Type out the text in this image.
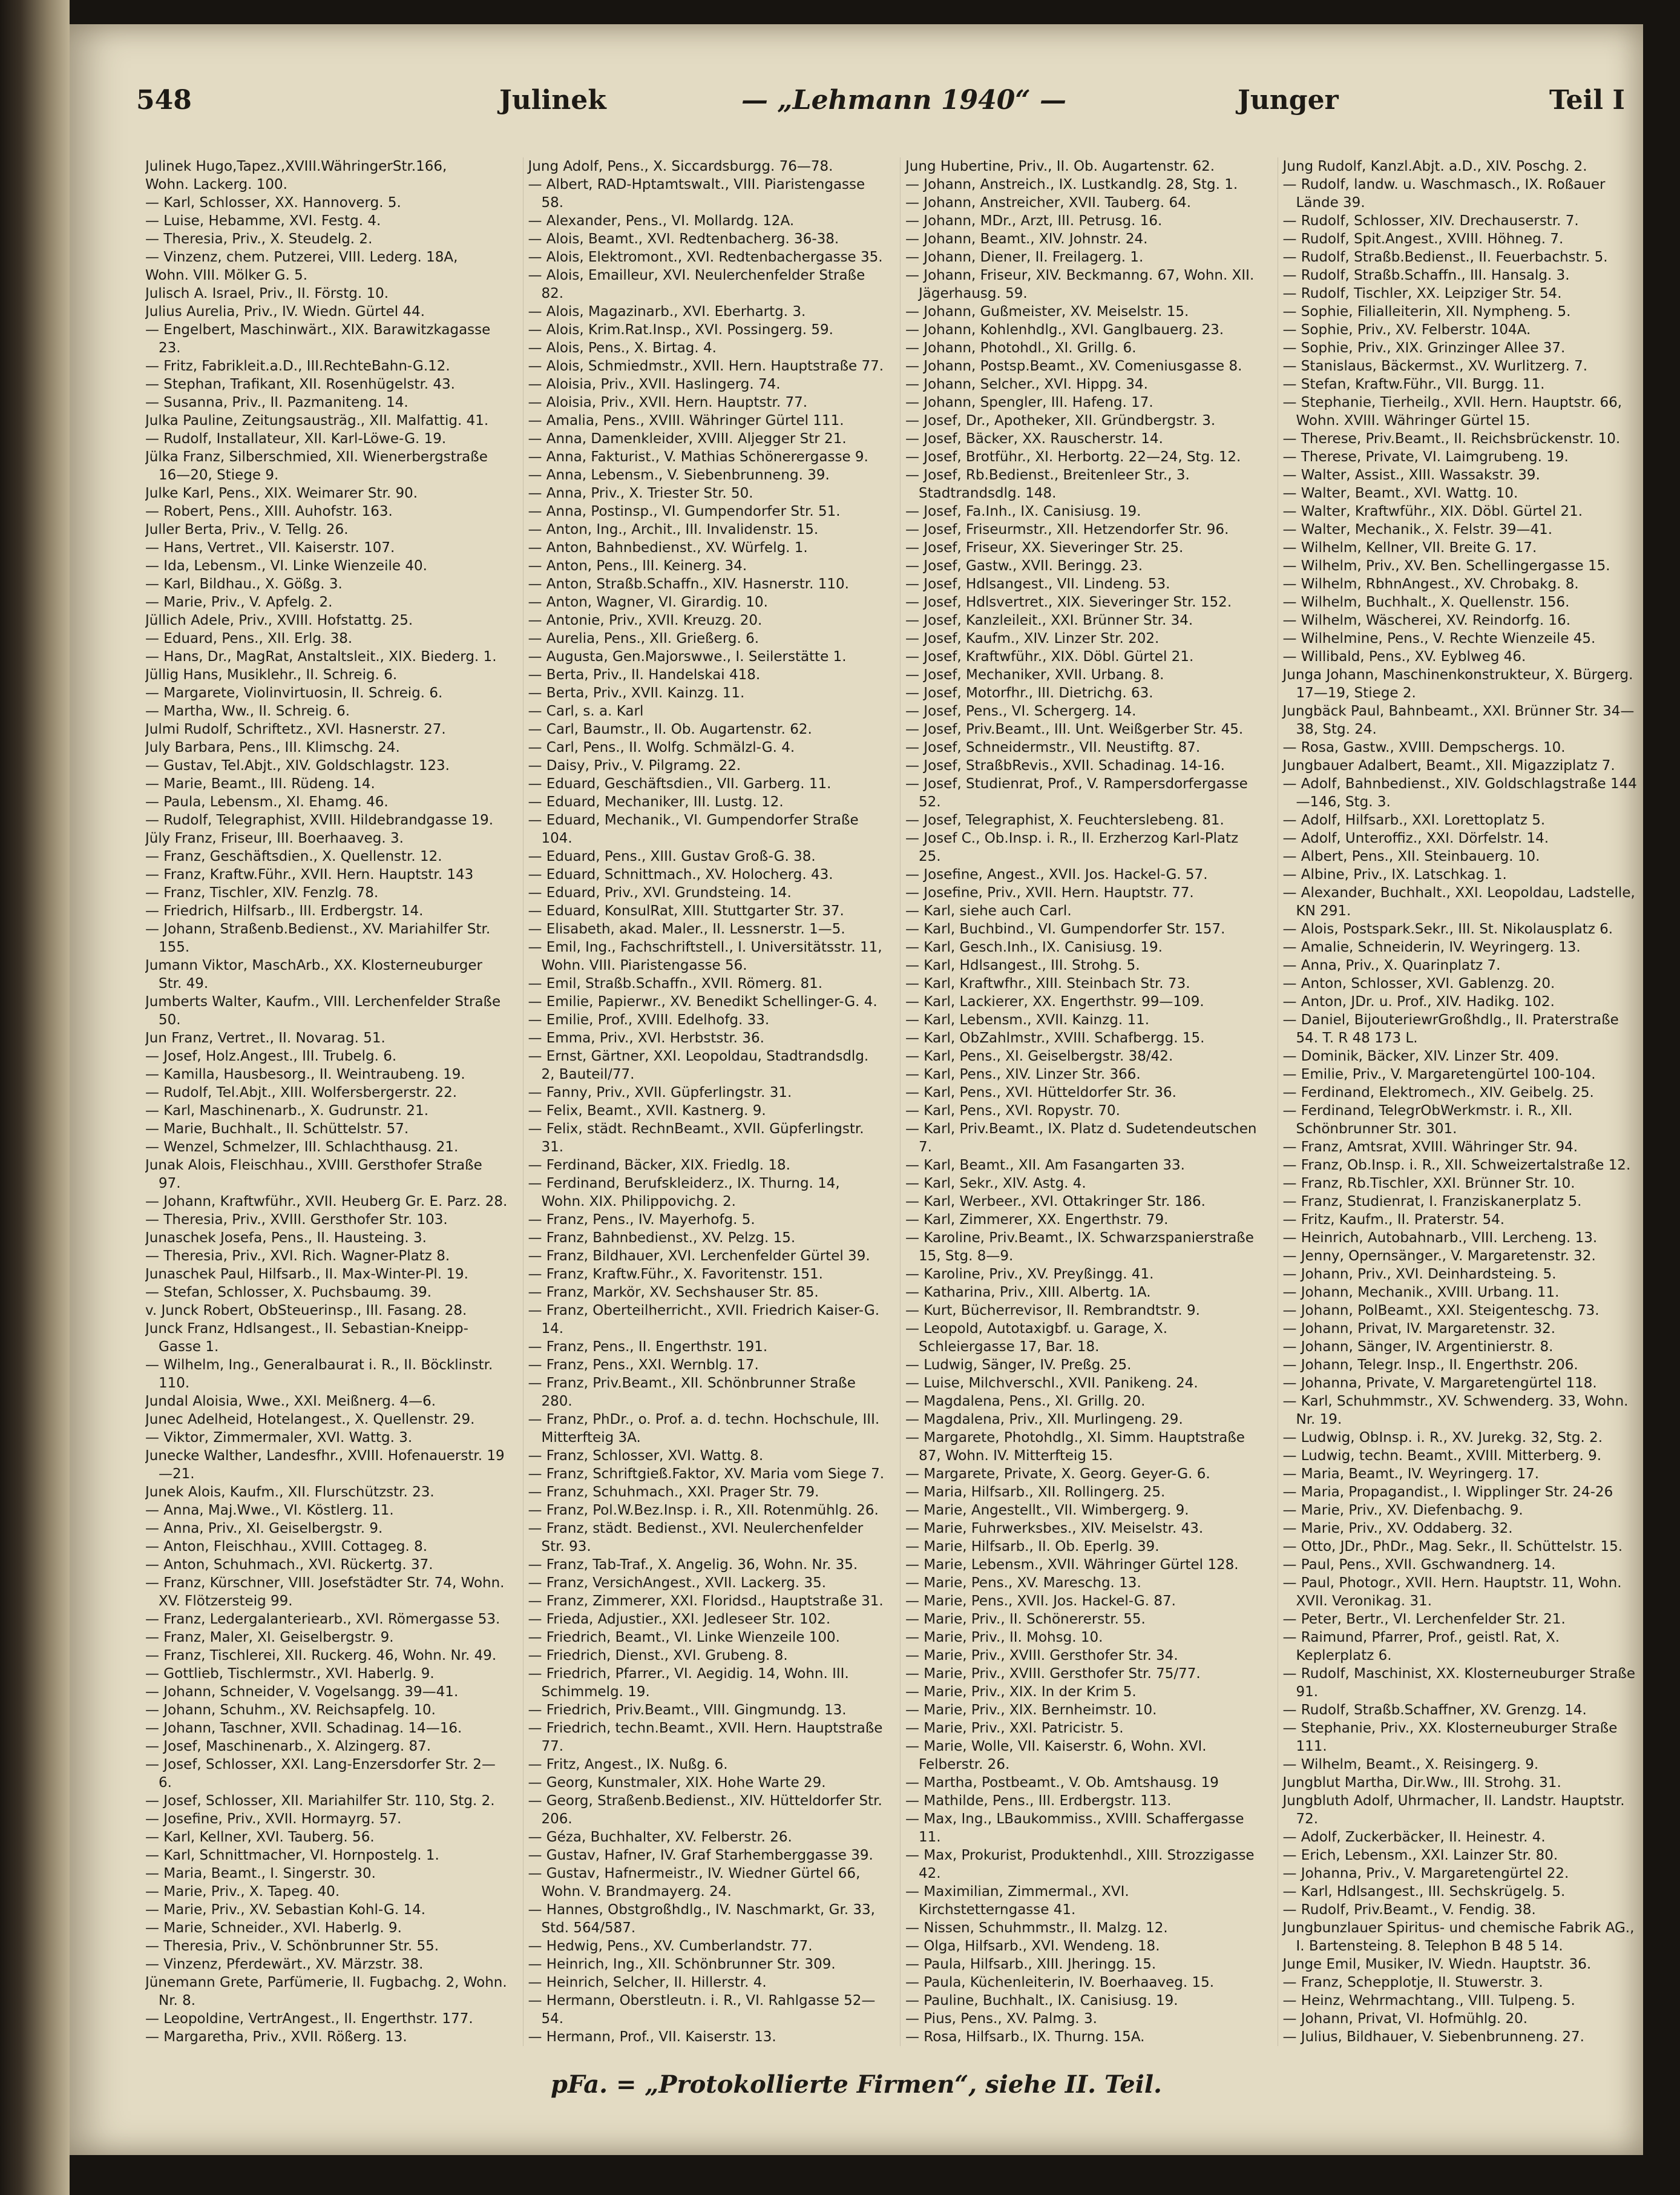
548	Julinek	— „Lehmann 1940“ —	Junger	Teil I
Julinek Hugo,Tapez.,XVIII.WähringerStr.166,
Wohn. Lackerg. 100.
— Karl, Schlosser, XX. Hannoverg. 5.
— Luise, Hebamme, XVI. Festg. 4.
— Theresia, Priv., X. Steudelg. 2.
— Vinzenz, chem. Putzerei, VIII. Lederg. 18A,
Wohn. VIII. Mölker G. 5.
Julisch A. Israel, Priv., II. Förstg. 10.
Julius Aurelia, Priv., IV. Wiedn. Gürtel 44.
— Engelbert, Maschinwärt., XIX. Barawitzkagasse 23.
— Fritz, Fabrikleit.a.D., III.RechteBahn-G.12.
— Stephan, Trafikant, XII. Rosenhügelstr. 43.
— Susanna, Priv., II. Pazmaniteng. 14.
Julka Pauline, Zeitungsausträg., XII. Malfattig. 41.
— Rudolf, Installateur, XII. Karl-Löwe-G. 19.
Jülka Franz, Silberschmied, XII. Wienerbergstraße 16—20, Stiege 9.
Julke Karl, Pens., XIX. Weimarer Str. 90.
— Robert, Pens., XIII. Auhofstr. 163.
Juller Berta, Priv., V. Tellg. 26.
— Hans, Vertret., VII. Kaiserstr. 107.
— Ida, Lebensm., VI. Linke Wienzeile 40.
— Karl, Bildhau., X. Gößg. 3.
— Marie, Priv., V. Apfelg. 2.
Jüllich Adele, Priv., XVIII. Hofstattg. 25.
— Eduard, Pens., XII. Erlg. 38.
— Hans, Dr., MagRat, Anstaltsleit., XIX. Biederg. 1.
Jüllig Hans, Musiklehr., II. Schreig. 6.
— Margarete, Violinvirtuosin, II. Schreig. 6.
— Martha, Ww., II. Schreig. 6.
Julmi Rudolf, Schriftetz., XVI. Hasnerstr. 27.
July Barbara, Pens., III. Klimschg. 24.
— Gustav, Tel.Abjt., XIV. Goldschlagstr. 123.
— Marie, Beamt., III. Rüdeng. 14.
— Paula, Lebensm., XI. Ehamg. 46.
— Rudolf, Telegraphist, XVIII. Hildebrandgasse 19.
Jüly Franz, Friseur, III. Boerhaaveg. 3.
— Franz, Geschäftsdien., X. Quellenstr. 12.
— Franz, Kraftw.Führ., XVII. Hern. Hauptstr. 143
— Franz, Tischler, XIV. Fenzlg. 78.
— Friedrich, Hilfsarb., III. Erdbergstr. 14.
— Johann, Straßenb.Bedienst., XV. Mariahilfer Str. 155.
Jumann Viktor, MaschArb., XX. Klosterneuburger Str. 49.
Jumberts Walter, Kaufm., VIII. Lerchenfelder Straße 50.
Jun Franz, Vertret., II. Novarag. 51.
— Josef, Holz.Angest., III. Trubelg. 6.
— Kamilla, Hausbesorg., II. Weintraubeng. 19.
— Rudolf, Tel.Abjt., XIII. Wolfersbergerstr. 22.
— Karl, Maschinenarb., X. Gudrunstr. 21.
— Marie, Buchhalt., II. Schüttelstr. 57.
— Wenzel, Schmelzer, III. Schlachthausg. 21.
Junak Alois, Fleischhau., XVIII. Gersthofer Straße 97.
— Johann, Kraftwführ., XVII. Heuberg Gr. E. Parz. 28.
— Theresia, Priv., XVIII. Gersthofer Str. 103.
Junaschek Josefa, Pens., II. Hausteing. 3.
— Theresia, Priv., XVI. Rich. Wagner-Platz 8.
Junaschek Paul, Hilfsarb., II. Max-Winter-Pl. 19.
— Stefan, Schlosser, X. Puchsbaumg. 39.
v. Junck Robert, ObSteuerinsp., III. Fasang. 28.
Junck Franz, Hdlsangest., II. Sebastian-Kneipp-Gasse 1.
— Wilhelm, Ing., Generalbaurat i. R., II. Böcklinstr. 110.
Jundal Aloisia, Wwe., XXI. Meißnerg. 4—6.
Junec Adelheid, Hotelangest., X. Quellenstr. 29.
— Viktor, Zimmermaler, XVI. Wattg. 3.
Junecke Walther, Landesfhr., XVIII. Hofenauerstr. 19—21.
Junek Alois, Kaufm., XII. Flurschützstr. 23.
— Anna, Maj.Wwe., VI. Köstlerg. 11.
— Anna, Priv., XI. Geiselbergstr. 9.
— Anton, Fleischhau., XVIII. Cottageg. 8.
— Anton, Schuhmach., XVI. Rückertg. 37.
— Franz, Kürschner, VIII. Josefstädter Str. 74, Wohn. XV. Flötzersteig 99.
— Franz, Ledergalanteriearb., XVI. Römergasse 53.
— Franz, Maler, XI. Geiselbergstr. 9.
— Franz, Tischlerei, XII. Ruckerg. 46, Wohn. Nr. 49.
— Gottlieb, Tischlermstr., XVI. Haberlg. 9.
— Johann, Schneider, V. Vogelsangg. 39—41.
— Johann, Schuhm., XV. Reichsapfelg. 10.
— Johann, Taschner, XVII. Schadinag. 14—16.
— Josef, Maschinenarb., X. Alzingerg. 87.
— Josef, Schlosser, XXI. Lang-Enzersdorfer Str. 2—6.
— Josef, Schlosser, XII. Mariahilfer Str. 110, Stg. 2.
— Josefine, Priv., XVII. Hormayrg. 57.
— Karl, Kellner, XVI. Tauberg. 56.
— Karl, Schnittmacher, VI. Hornpostelg. 1.
— Maria, Beamt., I. Singerstr. 30.
— Marie, Priv., X. Tapeg. 40.
— Marie, Priv., XV. Sebastian Kohl-G. 14.
— Marie, Schneider., XVI. Haberlg. 9.
— Theresia, Priv., V. Schönbrunner Str. 55.
— Vinzenz, Pferdewärt., XV. Märzstr. 38.
Jünemann Grete, Parfümerie, II. Fugbachg. 2, Wohn. Nr. 8.
— Leopoldine, VertrAngest., II. Engerthstr. 177.
— Margaretha, Priv., XVII. Rößerg. 13.
Jung Adolf, Pens., X. Siccardsburgg. 76—78.
— Albert, RAD-Hptamtswalt., VIII. Piaristengasse 58.
— Alexander, Pens., VI. Mollardg. 12A.
— Alois, Beamt., XVI. Redtenbacherg. 36-38.
— Alois, Elektromont., XVI. Redtenbachergasse 35.
— Alois, Emailleur, XVI. Neulerchenfelder Straße 82.
— Alois, Magazinarb., XVI. Eberhartg. 3.
— Alois, Krim.Rat.Insp., XVI. Possingerg. 59.
— Alois, Pens., X. Birtag. 4.
— Alois, Schmiedmstr., XVII. Hern. Hauptstraße 77.
— Aloisia, Priv., XVII. Haslingerg. 74.
— Aloisia, Priv., XVII. Hern. Hauptstr. 77.
— Amalia, Pens., XVIII. Währinger Gürtel 111.
— Anna, Damenkleider, XVIII. Aljegger Str 21.
— Anna, Fakturist., V. Mathias Schönerergasse 9.
— Anna, Lebensm., V. Siebenbrunneng. 39.
— Anna, Priv., X. Triester Str. 50.
— Anna, Postinsp., VI. Gumpendorfer Str. 51.
— Anton, Ing., Archit., III. Invalidenstr. 15.
— Anton, Bahnbedienst., XV. Würfelg. 1.
— Anton, Pens., III. Keinerg. 34.
— Anton, Straßb.Schaffn., XIV. Hasnerstr. 110.
— Anton, Wagner, VI. Girardig. 10.
— Antonie, Priv., XVII. Kreuzg. 20.
— Aurelia, Pens., XII. Grießerg. 6.
— Augusta, Gen.Majorswwe., I. Seilerstätte 1.
— Berta, Priv., II. Handelskai 418.
— Berta, Priv., XVII. Kainzg. 11.
— Carl, s. a. Karl
— Carl, Baumstr., II. Ob. Augartenstr. 62.
— Carl, Pens., II. Wolfg. Schmälzl-G. 4.
— Daisy, Priv., V. Pilgramg. 22.
— Eduard, Geschäftsdien., VII. Garberg. 11.
— Eduard, Mechaniker, III. Lustg. 12.
— Eduard, Mechanik., VI. Gumpendorfer Straße 104.
— Eduard, Pens., XIII. Gustav Groß-G. 38.
— Eduard, Schnittmach., XV. Holocherg. 43.
— Eduard, Priv., XVI. Grundsteing. 14.
— Eduard, KonsulRat, XIII. Stuttgarter Str. 37.
— Elisabeth, akad. Maler., II. Lessnerstr. 1—5.
— Emil, Ing., Fachschriftstell., I. Universitätsstr. 11, Wohn. VIII. Piaristengasse 56.
— Emil, Straßb.Schaffn., XVII. Römerg. 81.
— Emilie, Papierwr., XV. Benedikt Schellinger-G. 4.
— Emilie, Prof., XVIII. Edelhofg. 33.
— Emma, Priv., XVI. Herbststr. 36.
— Ernst, Gärtner, XXI. Leopoldau, Stadtrandsdlg. 2, Bauteil/77.
— Fanny, Priv., XVII. Güpferlingstr. 31.
— Felix, Beamt., XVII. Kastnerg. 9.
— Felix, städt. RechnBeamt., XVII. Güpferlingstr. 31.
— Ferdinand, Bäcker, XIX. Friedlg. 18.
— Ferdinand, Berufskleiderz., IX. Thurng. 14, Wohn. XIX. Philippovichg. 2.
— Franz, Pens., IV. Mayerhofg. 5.
— Franz, Bahnbedienst., XV. Pelzg. 15.
— Franz, Bildhauer, XVI. Lerchenfelder Gürtel 39.
— Franz, Kraftw.Führ., X. Favoritenstr. 151.
— Franz, Markör, XV. Sechshauser Str. 85.
— Franz, Oberteilherricht., XVII. Friedrich Kaiser-G. 14.
— Franz, Pens., II. Engerthstr. 191.
— Franz, Pens., XXI. Wernblg. 17.
— Franz, Priv.Beamt., XII. Schönbrunner Straße 280.
— Franz, PhDr., o. Prof. a. d. techn. Hochschule, III. Mitterfteig 3A.
— Franz, Schlosser, XVI. Wattg. 8.
— Franz, Schriftgieß.Faktor, XV. Maria vom Siege 7.
— Franz, Schuhmach., XXI. Prager Str. 79.
— Franz, Pol.W.Bez.Insp. i. R., XII. Rotenmühlg. 26.
— Franz, städt. Bedienst., XVI. Neulerchenfelder Str. 93.
— Franz, Tab-Traf., X. Angelig. 36, Wohn. Nr. 35.
— Franz, VersichAngest., XVII. Lackerg. 35.
— Franz, Zimmerer, XXI. Floridsd., Hauptstraße 31.
— Frieda, Adjustier., XXI. Jedleseer Str. 102.
— Friedrich, Beamt., VI. Linke Wienzeile 100.
— Friedrich, Dienst., XVI. Grubeng. 8.
— Friedrich, Pfarrer., VI. Aegidig. 14, Wohn. III. Schimmelg. 19.
— Friedrich, Priv.Beamt., VIII. Gingmundg. 13.
— Friedrich, techn.Beamt., XVII. Hern. Hauptstraße 77.
— Fritz, Angest., IX. Nußg. 6.
— Georg, Kunstmaler, XIX. Hohe Warte 29.
— Georg, Straßenb.Bedienst., XIV. Hütteldorfer Str. 206.
— Géza, Buchhalter, XV. Felberstr. 26.
— Gustav, Hafner, IV. Graf Starhemberggasse 39.
— Gustav, Hafnermeistr., IV. Wiedner Gürtel 66, Wohn. V. Brandmayerg. 24.
— Hannes, Obstgroßhdlg., IV. Naschmarkt, Gr. 33, Std. 564/587.
— Hedwig, Pens., XV. Cumberlandstr. 77.
— Heinrich, Ing., XII. Schönbrunner Str. 309.
— Heinrich, Selcher, II. Hillerstr. 4.
— Hermann, Oberstleutn. i. R., VI. Rahlgasse 52—54.
— Hermann, Prof., VII. Kaiserstr. 13.
Jung Hubertine, Priv., II. Ob. Augartenstr. 62.
— Johann, Anstreich., IX. Lustkandlg. 28, Stg. 1.
— Johann, Anstreicher, XVII. Tauberg. 64.
— Johann, MDr., Arzt, III. Petrusg. 16.
— Johann, Beamt., XIV. Johnstr. 24.
— Johann, Diener, II. Freilagerg. 1.
— Johann, Friseur, XIV. Beckmanng. 67, Wohn. XII. Jägerhausg. 59.
— Johann, Gußmeister, XV. Meiselstr. 15.
— Johann, Kohlenhdlg., XVI. Ganglbauerg. 23.
— Johann, Photohdl., XI. Grillg. 6.
— Johann, Postsp.Beamt., XV. Comeniusgasse 8.
— Johann, Selcher., XVI. Hippg. 34.
— Johann, Spengler, III. Hafeng. 17.
— Josef, Dr., Apotheker, XII. Gründbergstr. 3.
— Josef, Bäcker, XX. Rauscherstr. 14.
— Josef, Brotführ., XI. Herbortg. 22—24, Stg. 12.
— Josef, Rb.Bedienst., Breitenleer Str., 3. Stadtrandsdlg. 148.
— Josef, Fa.Inh., IX. Canisiusg. 19.
— Josef, Friseurmstr., XII. Hetzendorfer Str. 96.
— Josef, Friseur, XX. Sieveringer Str. 25.
— Josef, Gastw., XVII. Beringg. 23.
— Josef, Hdlsangest., VII. Lindeng. 53.
— Josef, Hdlsvertret., XIX. Sieveringer Str. 152.
— Josef, Kanzleileit., XXI. Brünner Str. 34.
— Josef, Kaufm., XIV. Linzer Str. 202.
— Josef, Kraftwführ., XIX. Döbl. Gürtel 21.
— Josef, Mechaniker, XVII. Urbang. 8.
— Josef, Motorfhr., III. Dietrichg. 63.
— Josef, Pens., VI. Schergerg. 14.
— Josef, Priv.Beamt., III. Unt. Weißgerber Str. 45.
— Josef, Schneidermstr., VII. Neustiftg. 87.
— Josef, StraßbRevis., XVII. Schadinag. 14-16.
— Josef, Studienrat, Prof., V. Rampersdorfergasse 52.
— Josef, Telegraphist, X. Feuchterslebeng. 81.
— Josef C., Ob.Insp. i. R., II. Erzherzog Karl-Platz 25.
— Josefine, Angest., XVII. Jos. Hackel-G. 57.
— Josefine, Priv., XVII. Hern. Hauptstr. 77.
— Karl, siehe auch Carl.
— Karl, Buchbind., VI. Gumpendorfer Str. 157.
— Karl, Gesch.Inh., IX. Canisiusg. 19.
— Karl, Hdlsangest., III. Strohg. 5.
— Karl, Kraftwfhr., XIII. Steinbach Str. 73.
— Karl, Lackierer, XX. Engerthstr. 99—109.
— Karl, Lebensm., XVII. Kainzg. 11.
— Karl, ObZahlmstr., XVIII. Schafbergg. 15.
— Karl, Pens., XI. Geiselbergstr. 38/42.
— Karl, Pens., XIV. Linzer Str. 366.
— Karl, Pens., XVI. Hütteldorfer Str. 36.
— Karl, Pens., XVI. Ropystr. 70.
— Karl, Priv.Beamt., IX. Platz d. Sudetendeutschen 7.
— Karl, Beamt., XII. Am Fasangarten 33.
— Karl, Sekr., XIV. Astg. 4.
— Karl, Werbeer., XVI. Ottakringer Str. 186.
— Karl, Zimmerer, XX. Engerthstr. 79.
— Karoline, Priv.Beamt., IX. Schwarzspanierstraße 15, Stg. 8—9.
— Karoline, Priv., XV. Preyßingg. 41.
— Katharina, Priv., XIII. Albertg. 1A.
— Kurt, Bücherrevisor, II. Rembrandtstr. 9.
— Leopold, Autotaxigbf. u. Garage, X. Schleiergasse 17, Bar. 18.
— Ludwig, Sänger, IV. Preßg. 25.
— Luise, Milchverschl., XVII. Panikeng. 24.
— Magdalena, Pens., XI. Grillg. 20.
— Magdalena, Priv., XII. Murlingeng. 29.
— Margarete, Photohdlg., XI. Simm. Hauptstraße 87, Wohn. IV. Mitterfteig 15.
— Margarete, Private, X. Georg. Geyer-G. 6.
— Maria, Hilfsarb., XII. Rollingerg. 25.
— Marie, Angestellt., VII. Wimbergerg. 9.
— Marie, Fuhrwerksbes., XIV. Meiselstr. 43.
— Marie, Hilfsarb., II. Ob. Eperlg. 39.
— Marie, Lebensm., XVII. Währinger Gürtel 128.
— Marie, Pens., XV. Mareschg. 13.
— Marie, Pens., XVII. Jos. Hackel-G. 87.
— Marie, Priv., II. Schönererstr. 55.
— Marie, Priv., II. Mohsg. 10.
— Marie, Priv., XVIII. Gersthofer Str. 34.
— Marie, Priv., XVIII. Gersthofer Str. 75/77.
— Marie, Priv., XIX. In der Krim 5.
— Marie, Priv., XIX. Bernheimstr. 10.
— Marie, Priv., XXI. Patricistr. 5.
— Marie, Wolle, VII. Kaiserstr. 6, Wohn. XVI. Felberstr. 26.
— Martha, Postbeamt., V. Ob. Amtshausg. 19
— Mathilde, Pens., III. Erdbergstr. 113.
— Max, Ing., LBaukommiss., XVIII. Schaffergasse 11.
— Max, Prokurist, Produktenhdl., XIII. Strozzigasse 42.
— Maximilian, Zimmermal., XVI. Kirchstetterngasse 41.
— Nissen, Schuhmmstr., II. Malzg. 12.
— Olga, Hilfsarb., XVI. Wendeng. 18.
— Paula, Hilfsarb., XIII. Jheringg. 15.
— Paula, Küchenleiterin, IV. Boerhaaveg. 15.
— Pauline, Buchhalt., IX. Canisiusg. 19.
— Pius, Pens., XV. Palmg. 3.
— Rosa, Hilfsarb., IX. Thurng. 15A.
Jung Rudolf, Kanzl.Abjt. a.D., XIV. Poschg. 2.
— Rudolf, landw. u. Waschmasch., IX. Roßauer Lände 39.
— Rudolf, Schlosser, XIV. Drechauserstr. 7.
— Rudolf, Spit.Angest., XVIII. Höhneg. 7.
— Rudolf, Straßb.Bedienst., II. Feuerbachstr. 5.
— Rudolf, Straßb.Schaffn., III. Hansalg. 3.
— Rudolf, Tischler, XX. Leipziger Str. 54.
— Sophie, Filialleiterin, XII. Nymphеng. 5.
— Sophie, Priv., XV. Felberstr. 104A.
— Sophie, Priv., XIX. Grinzinger Allee 37.
— Stanislaus, Bäckermst., XV. Wurlitzerg. 7.
— Stefan, Kraftw.Führ., VII. Burgg. 11.
— Stephanie, Tierheilg., XVII. Hern. Hauptstr. 66, Wohn. XVIII. Währinger Gürtel 15.
— Therese, Priv.Beamt., II. Reichsbrückenstr. 10.
— Therese, Private, VI. Laimgrubeng. 19.
— Walter, Assist., XIII. Wassakstr. 39.
— Walter, Beamt., XVI. Wattg. 10.
— Walter, Kraftwführ., XIX. Döbl. Gürtel 21.
— Walter, Mechanik., X. Felstr. 39—41.
— Wilhelm, Kellner, VII. Breite G. 17.
— Wilhelm, Priv., XV. Ben. Schellingergasse 15.
— Wilhelm, RbhnAngest., XV. Chrobakg. 8.
— Wilhelm, Buchhalt., X. Quellenstr. 156.
— Wilhelm, Wäscherei, XV. Reindorfg. 16.
— Wilhelmine, Pens., V. Rechte Wienzeile 45.
— Willibald, Pens., XV. Eyblweg 46.
Junga Johann, Maschinenkonstrukteur, X. Bürgerg. 17—19, Stiege 2.
Jungbäck Paul, Bahnbeamt., XXI. Brünner Str. 34—38, Stg. 24.
— Rosa, Gastw., XVIII. Dempschergs. 10.
Jungbauer Adalbert, Beamt., XII. Migazziplatz 7.
— Adolf, Bahnbedienst., XIV. Goldschlagstraße 144—146, Stg. 3.
— Adolf, Hilfsarb., XXI. Lorettoplatz 5.
— Adolf, Unteroffiz., XXI. Dörfelstr. 14.
— Albert, Pens., XII. Steinbauerg. 10.
— Albine, Priv., IX. Latschkag. 1.
— Alexander, Buchhalt., XXI. Leopoldau, Ladstelle, KN 291.
— Alois, Postspark.Sekr., III. St. Nikolausplatz 6.
— Amalie, Schneiderin, IV. Weyringerg. 13.
— Anna, Priv., X. Quarinplatz 7.
— Anton, Schlosser, XVI. Gablenzg. 20.
— Anton, JDr. u. Prof., XIV. Hadikg. 102.
— Daniel, BijouteriewrGroßhdlg., II. Praterstraße 54. T. R 48 173 L.
— Dominik, Bäcker, XIV. Linzer Str. 409.
— Emilie, Priv., V. Margaretengürtel 100-104.
— Ferdinand, Elektromech., XIV. Geibelg. 25.
— Ferdinand, TelegrObWerkmstr. i. R., XII. Schönbrunner Str. 301.
— Franz, Amtsrat, XVIII. Währinger Str. 94.
— Franz, Ob.Insp. i. R., XII. Schweizertalstraße 12.
— Franz, Rb.Tischler, XXI. Brünner Str. 10.
— Franz, Studienrat, I. Franziskanerplatz 5.
— Fritz, Kaufm., II. Praterstr. 54.
— Heinrich, Autobahnarb., VIII. Lercheng. 13.
— Jenny, Opernsänger., V. Margaretenstr. 32.
— Johann, Priv., XVI. Deinhardsteing. 5.
— Johann, Mechanik., XVIII. Urbang. 11.
— Johann, PolBeamt., XXI. Steigenteschg. 73.
— Johann, Privat, IV. Margaretenstr. 32.
— Johann, Sänger, IV. Argentinierstr. 8.
— Johann, Telegr. Insp., II. Engerthstr. 206.
— Johanna, Private, V. Margaretengürtel 118.
— Karl, Schuhmmstr., XV. Schwenderg. 33, Wohn. Nr. 19.
— Ludwig, ObInsp. i. R., XV. Jurekg. 32, Stg. 2.
— Ludwig, techn. Beamt., XVIII. Mitterberg. 9.
— Maria, Beamt., IV. Weyringerg. 17.
— Maria, Propagandist., I. Wipplinger Str. 24-26
— Marie, Priv., XV. Diefenbachg. 9.
— Marie, Priv., XV. Oddaberg. 32.
— Otto, JDr., PhDr., Mag. Sekr., II. Schüttelstr. 15.
— Paul, Pens., XVII. Gschwandnerg. 14.
— Paul, Photogr., XVII. Hern. Hauptstr. 11, Wohn. XVII. Veronikag. 31.
— Peter, Bertr., VI. Lerchenfelder Str. 21.
— Raimund, Pfarrer, Prof., geistl. Rat, X. Keplerplatz 6.
— Rudolf, Maschinist, XX. Klosterneuburger Straße 91.
— Rudolf, Straßb.Schaffner, XV. Grenzg. 14.
— Stephanie, Priv., XX. Klosterneuburger Straße 111.
— Wilhelm, Beamt., X. Reisingerg. 9.
Jungblut Martha, Dir.Ww., III. Strohg. 31.
Jungbluth Adolf, Uhrmacher, II. Landstr. Hauptstr. 72.
— Adolf, Zuckerbäcker, II. Heinestr. 4.
— Erich, Lebensm., XXI. Lainzer Str. 80.
— Johanna, Priv., V. Margaretengürtel 22.
— Karl, Hdlsangest., III. Sechskrügelg. 5.
— Rudolf, Priv.Beamt., V. Fendig. 38.
Jungbunzlauer Spiritus- und chemische Fabrik AG., I. Bartensteing. 8. Telephon B 48 5 14.
Junge Emil, Musiker, IV. Wiedn. Hauptstr. 36.
— Franz, Schepplotje, II. Stuwerstr. 3.
— Heinz, Wehrmachtang., VIII. Tulpeng. 5.
— Johann, Privat, VI. Hofmühlg. 20.
— Julius, Bildhauer, V. Siebenbrunneng. 27.
pFa. = „Protokollierte Firmen“, siehe II. Teil.
